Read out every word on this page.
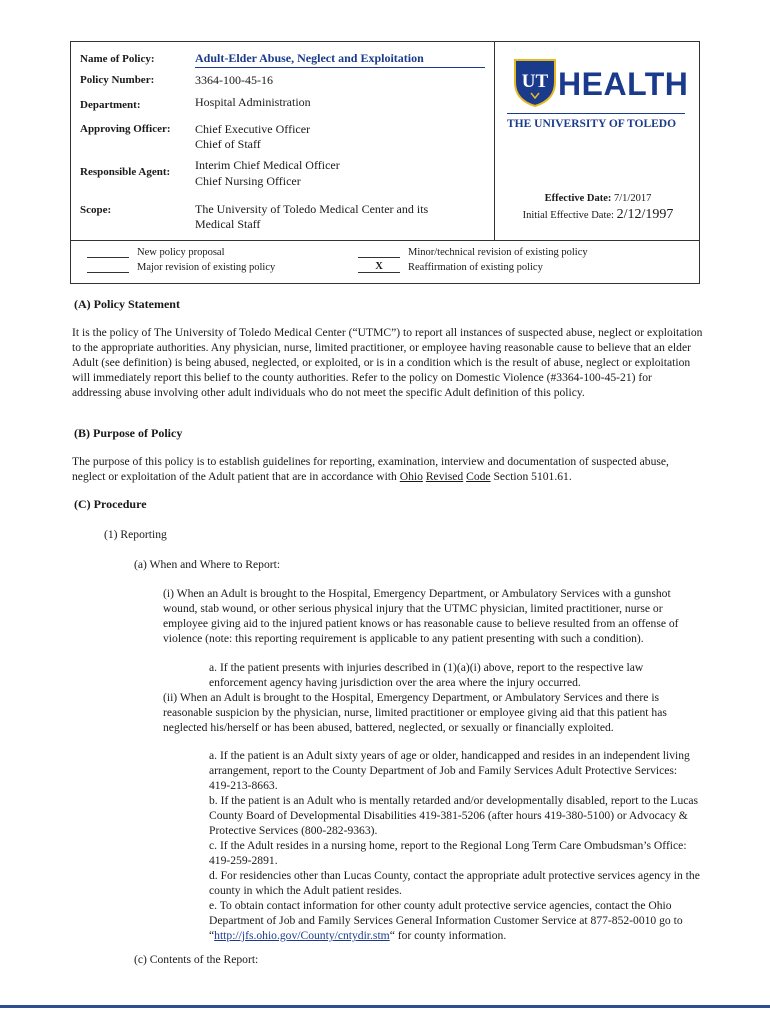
Name of Policy:	Adult-Elder Abuse, Neglect and Exploitation
Policy Number:	3364-100-45-16
Department:	Hospital Administration
Approving Officer: Chief Executive Officer
Chief of Staff
Responsible Agent: Interim Chief Medical Officer
Chief Nursing Officer
Scope:	The University of Toledo Medical Center and its
Medical Staff
UT HEALTH
THE UNIVERSITY OF TOLEDO
Effective Date: 7/1/2017
Initial Effective Date: 2/12/1997
New policy proposal
Major revision of existing policy
Minor/technical revision of existing policy
X Reaffirmation of existing policy
(A) Policy Statement
It is the policy of The University of Toledo Medical Center (“UTMC”) to report all instances of suspected abuse, neglect or exploitation to the appropriate authorities. Any physician, nurse, limited practitioner, or employee having reasonable cause to believe that an elder Adult (see definition) is being abused, neglected, or exploited, or is in a condition which is the result of abuse, neglect or exploitation will immediately report this belief to the county authorities. Refer to the policy on Domestic Violence (#3364-100-45-21) for addressing abuse involving other adult individuals who do not meet the specific Adult definition of this policy.
(B) Purpose of Policy
The purpose of this policy is to establish guidelines for reporting, examination, interview and documentation of suspected abuse, neglect or exploitation of the Adult patient that are in accordance with Ohio Revised Code Section 5101.61.
(C) Procedure
(1) Reporting
(a) When and Where to Report:
(i) When an Adult is brought to the Hospital, Emergency Department, or Ambulatory Services with a gunshot wound, stab wound, or other serious physical injury that the UTMC physician, limited practitioner, nurse or employee giving aid to the injured patient knows or has reasonable cause to believe resulted from an offense of violence (note: this reporting requirement is applicable to any patient presenting with such a condition).
a. If the patient presents with injuries described in (1)(a)(i) above, report to the respective law enforcement agency having jurisdiction over the area where the injury occurred.
(ii) When an Adult is brought to the Hospital, Emergency Department, or Ambulatory Services and there is reasonable suspicion by the physician, nurse, limited practitioner or employee giving aid that this patient has neglected his/herself or has been abused, battered, neglected, or sexually or financially exploited.
a. If the patient is an Adult sixty years of age or older, handicapped and resides in an independent living arrangement, report to the County Department of Job and Family Services Adult Protective Services: 419-213-8663.
b. If the patient is an Adult who is mentally retarded and/or developmentally disabled, report to the Lucas County Board of Developmental Disabilities 419-381-5206 (after hours 419-380-5100) or Advocacy & Protective Services (800-282-9363).
c. If the Adult resides in a nursing home, report to the Regional Long Term Care Ombudsman’s Office: 419-259-2891.
d. For residencies other than Lucas County, contact the appropriate adult protective services agency in the county in which the Adult patient resides.
e. To obtain contact information for other county adult protective service agencies, contact the Ohio Department of Job and Family Services General Information Customer Service at 877-852-0010 go to “http://jfs.ohio.gov/County/cntydir.stm“ for county information.
(c) Contents of the Report:
